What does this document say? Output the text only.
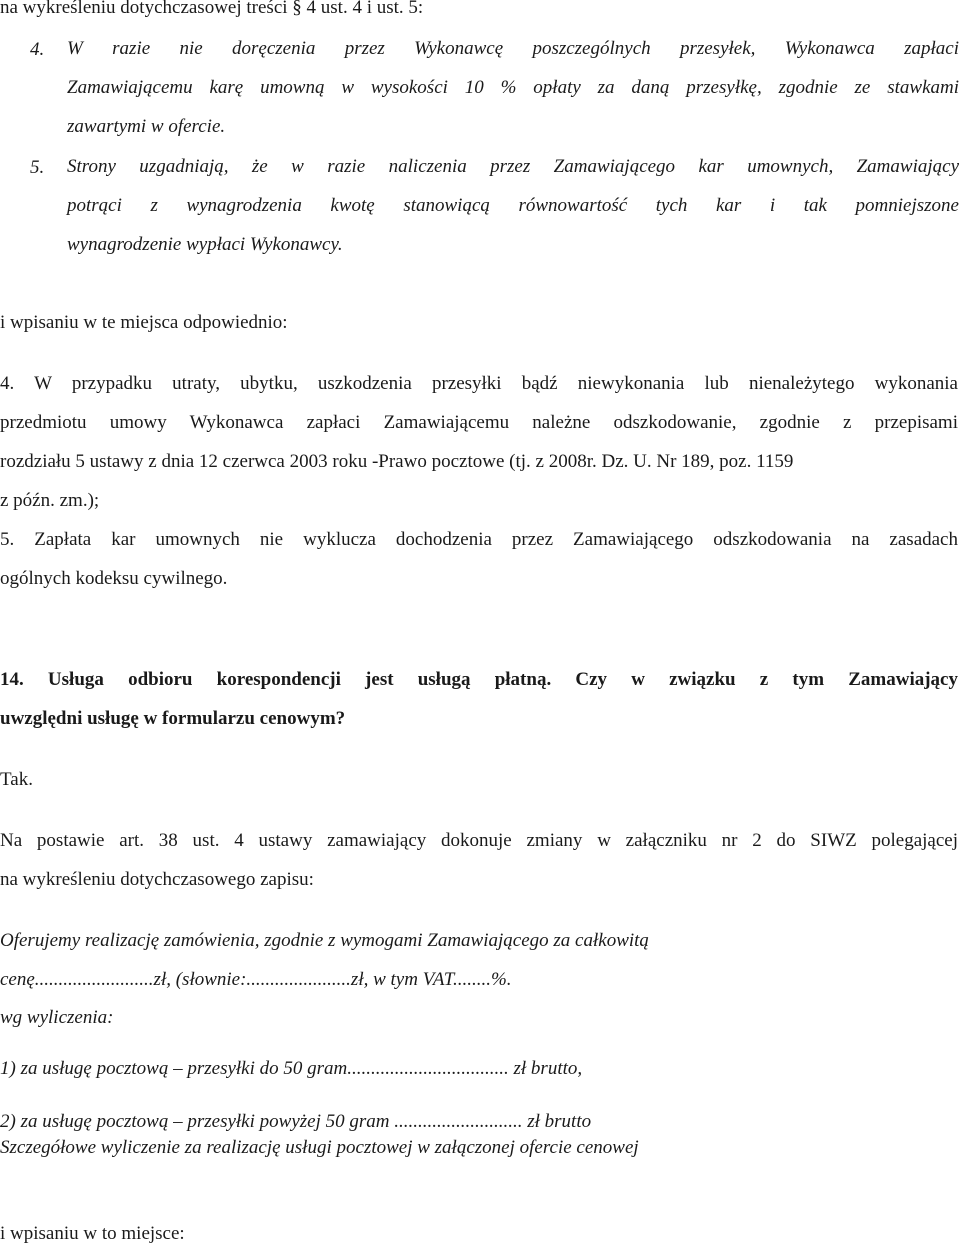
na wykreśleniu dotychczasowej treści § 4 ust. 4 i ust. 5:
4. W razie nie doręczenia przez Wykonawcę poszczególnych przesyłek, Wykonawca zapłaci
Zamawiającemu karę umowną w wysokości 10 % opłaty za daną przesyłkę, zgodnie ze stawkami
zawartymi w ofercie.
5. Strony uzgadniają, że w razie naliczenia przez Zamawiającego kar umownych, Zamawiający
potrąci z wynagrodzenia kwotę stanowiącą równowartość tych kar i tak pomniejszone
wynagrodzenie wypłaci Wykonawcy.
i wpisaniu w te miejsca odpowiednio:
4. W przypadku utraty, ubytku, uszkodzenia przesyłki bądź niewykonania lub nienależytego wykonania
przedmiotu umowy Wykonawca zapłaci Zamawiającemu należne odszkodowanie, zgodnie z przepisami
rozdziału 5 ustawy z dnia 12 czerwca 2003 roku -Prawo pocztowe (tj. z 2008r. Dz. U. Nr 189, poz. 1159
z późn. zm.);
5. Zapłata kar umownych nie wyklucza dochodzenia przez Zamawiającego odszkodowania na zasadach
ogólnych kodeksu cywilnego.
14. Usługa odbioru korespondencji jest usługą płatną. Czy w związku z tym Zamawiający
uwzględni usługę w formularzu cenowym?
Tak.
Na postawie art. 38 ust. 4 ustawy zamawiający dokonuje zmiany w załączniku nr 2 do SIWZ polegającej
na wykreśleniu dotychczasowego zapisu:
Oferujemy realizację zamówienia, zgodnie z wymogami Zamawiającego za całkowitą
cenę.........................zł, (słownie:......................zł, w tym VAT........%.
wg wyliczenia:
1) za usługę pocztową – przesyłki do 50 gram.................................. zł brutto,
2) za usługę pocztową – przesyłki powyżej 50 gram ........................... zł brutto
Szczegółowe wyliczenie za realizację usługi pocztowej w załączonej ofercie cenowej
i wpisaniu w to miejsce:
